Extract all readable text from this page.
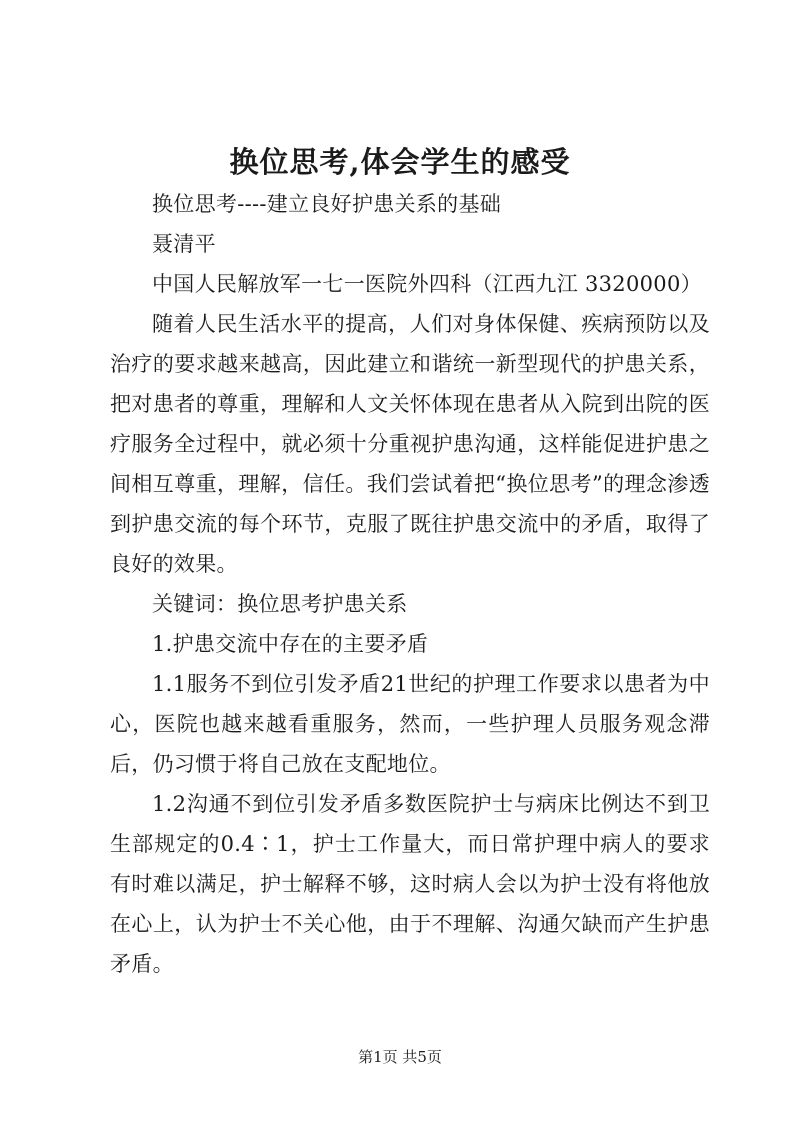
换位思考,体会学生的感受

换位思考----建立良好护患关系的基础

聂清平

中国人民解放军一七一医院外四科（江西九江 3320000）

随着人民生活水平的提高，人们对身体保健、疾病预防以及治疗的要求越来越高，因此建立和谐统一新型现代的护患关系，把对患者的尊重，理解和人文关怀体现在患者从入院到出院的医疗服务全过程中，就必须十分重视护患沟通，这样能促进护患之间相互尊重，理解，信任。我们尝试着把“换位思考”的理念渗透到护患交流的每个环节，克服了既往护患交流中的矛盾，取得了良好的效果。

关键词：换位思考护患关系

1.护患交流中存在的主要矛盾

1.1服务不到位引发矛盾21世纪的护理工作要求以患者为中心，医院也越来越看重服务，然而，一些护理人员服务观念滞后，仍习惯于将自己放在支配地位。

1.2沟通不到位引发矛盾多数医院护士与病床比例达不到卫生部规定的0.4∶1，护士工作量大，而日常护理中病人的要求有时难以满足，护士解释不够，这时病人会以为护士没有将他放在心上，认为护士不关心他，由于不理解、沟通欠缺而产生护患矛盾。

第1页 共5页
